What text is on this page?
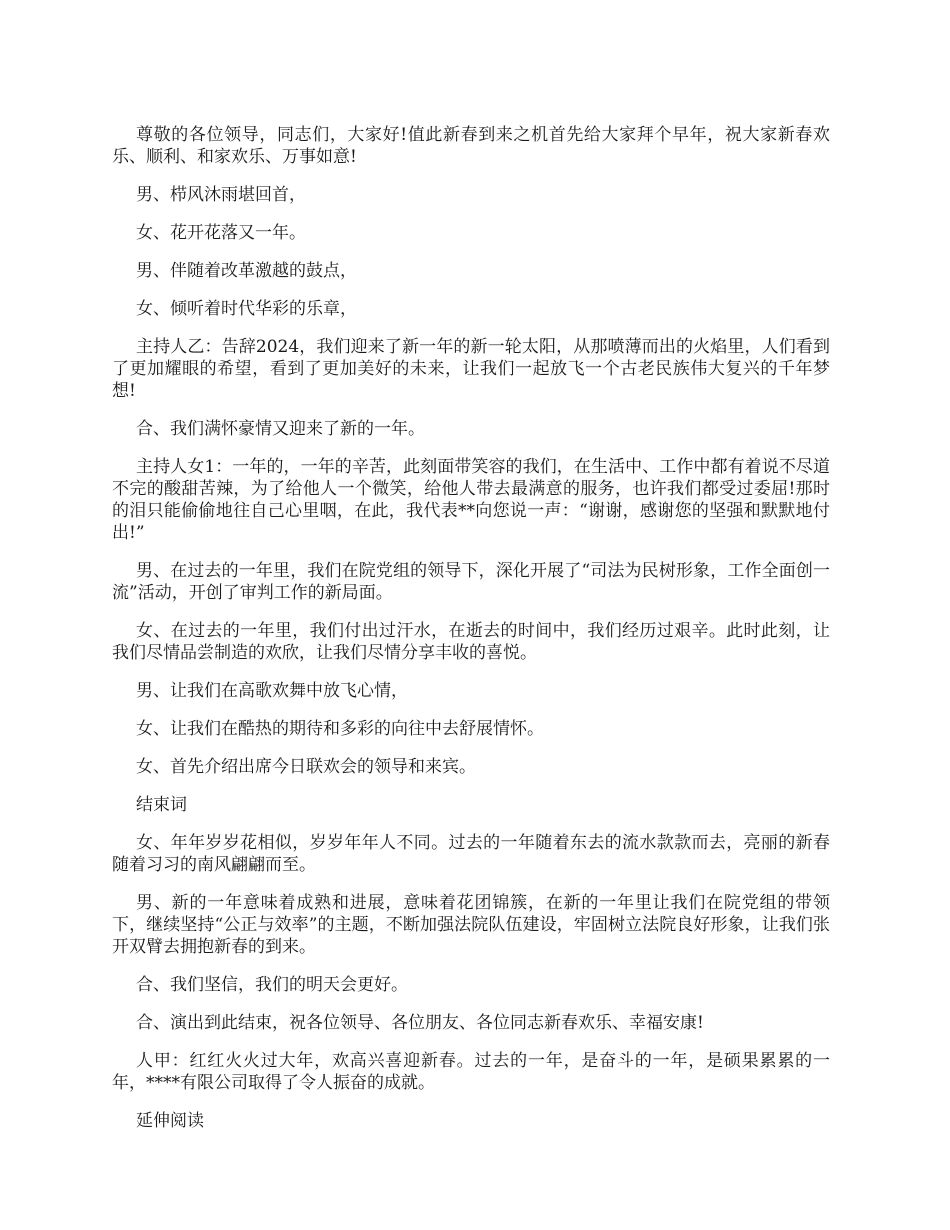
尊敬的各位领导，同志们，大家好!值此新春到来之机首先给大家拜个早年，祝大家新春欢乐、顺利、和家欢乐、万事如意!

男、栉风沐雨堪回首，

女、花开花落又一年。

男、伴随着改革激越的鼓点，

女、倾听着时代华彩的乐章，

主持人乙：告辞2024，我们迎来了新一年的新一轮太阳，从那喷薄而出的火焰里，人们看到了更加耀眼的希望，看到了更加美好的未来，让我们一起放飞一个古老民族伟大复兴的千年梦想!

合、我们满怀豪情又迎来了新的一年。

主持人女1：一年的，一年的辛苦，此刻面带笑容的我们，在生活中、工作中都有着说不尽道不完的酸甜苦辣，为了给他人一个微笑，给他人带去最满意的服务，也许我们都受过委屈!那时的泪只能偷偷地往自己心里咽，在此，我代表**向您说一声：“谢谢，感谢您的坚强和默默地付出!”

男、在过去的一年里，我们在院党组的领导下，深化开展了“司法为民树形象，工作全面创一流”活动，开创了审判工作的新局面。

女、在过去的一年里，我们付出过汗水，在逝去的时间中，我们经历过艰辛。此时此刻，让我们尽情品尝制造的欢欣，让我们尽情分享丰收的喜悦。

男、让我们在高歌欢舞中放飞心情，

女、让我们在酷热的期待和多彩的向往中去舒展情怀。

女、首先介绍出席今日联欢会的领导和来宾。

结束词

女、年年岁岁花相似，岁岁年年人不同。过去的一年随着东去的流水款款而去，亮丽的新春随着习习的南风翩翩而至。

男、新的一年意味着成熟和进展，意味着花团锦簇，在新的一年里让我们在院党组的带领下，继续坚持“公正与效率”的主题，不断加强法院队伍建设，牢固树立法院良好形象，让我们张开双臂去拥抱新春的到来。

合、我们坚信，我们的明天会更好。

合、演出到此结束，祝各位领导、各位朋友、各位同志新春欢乐、幸福安康!

人甲：红红火火过大年，欢高兴喜迎新春。过去的一年，是奋斗的一年，是硕果累累的一年，****有限公司取得了令人振奋的成就。

延伸阅读
